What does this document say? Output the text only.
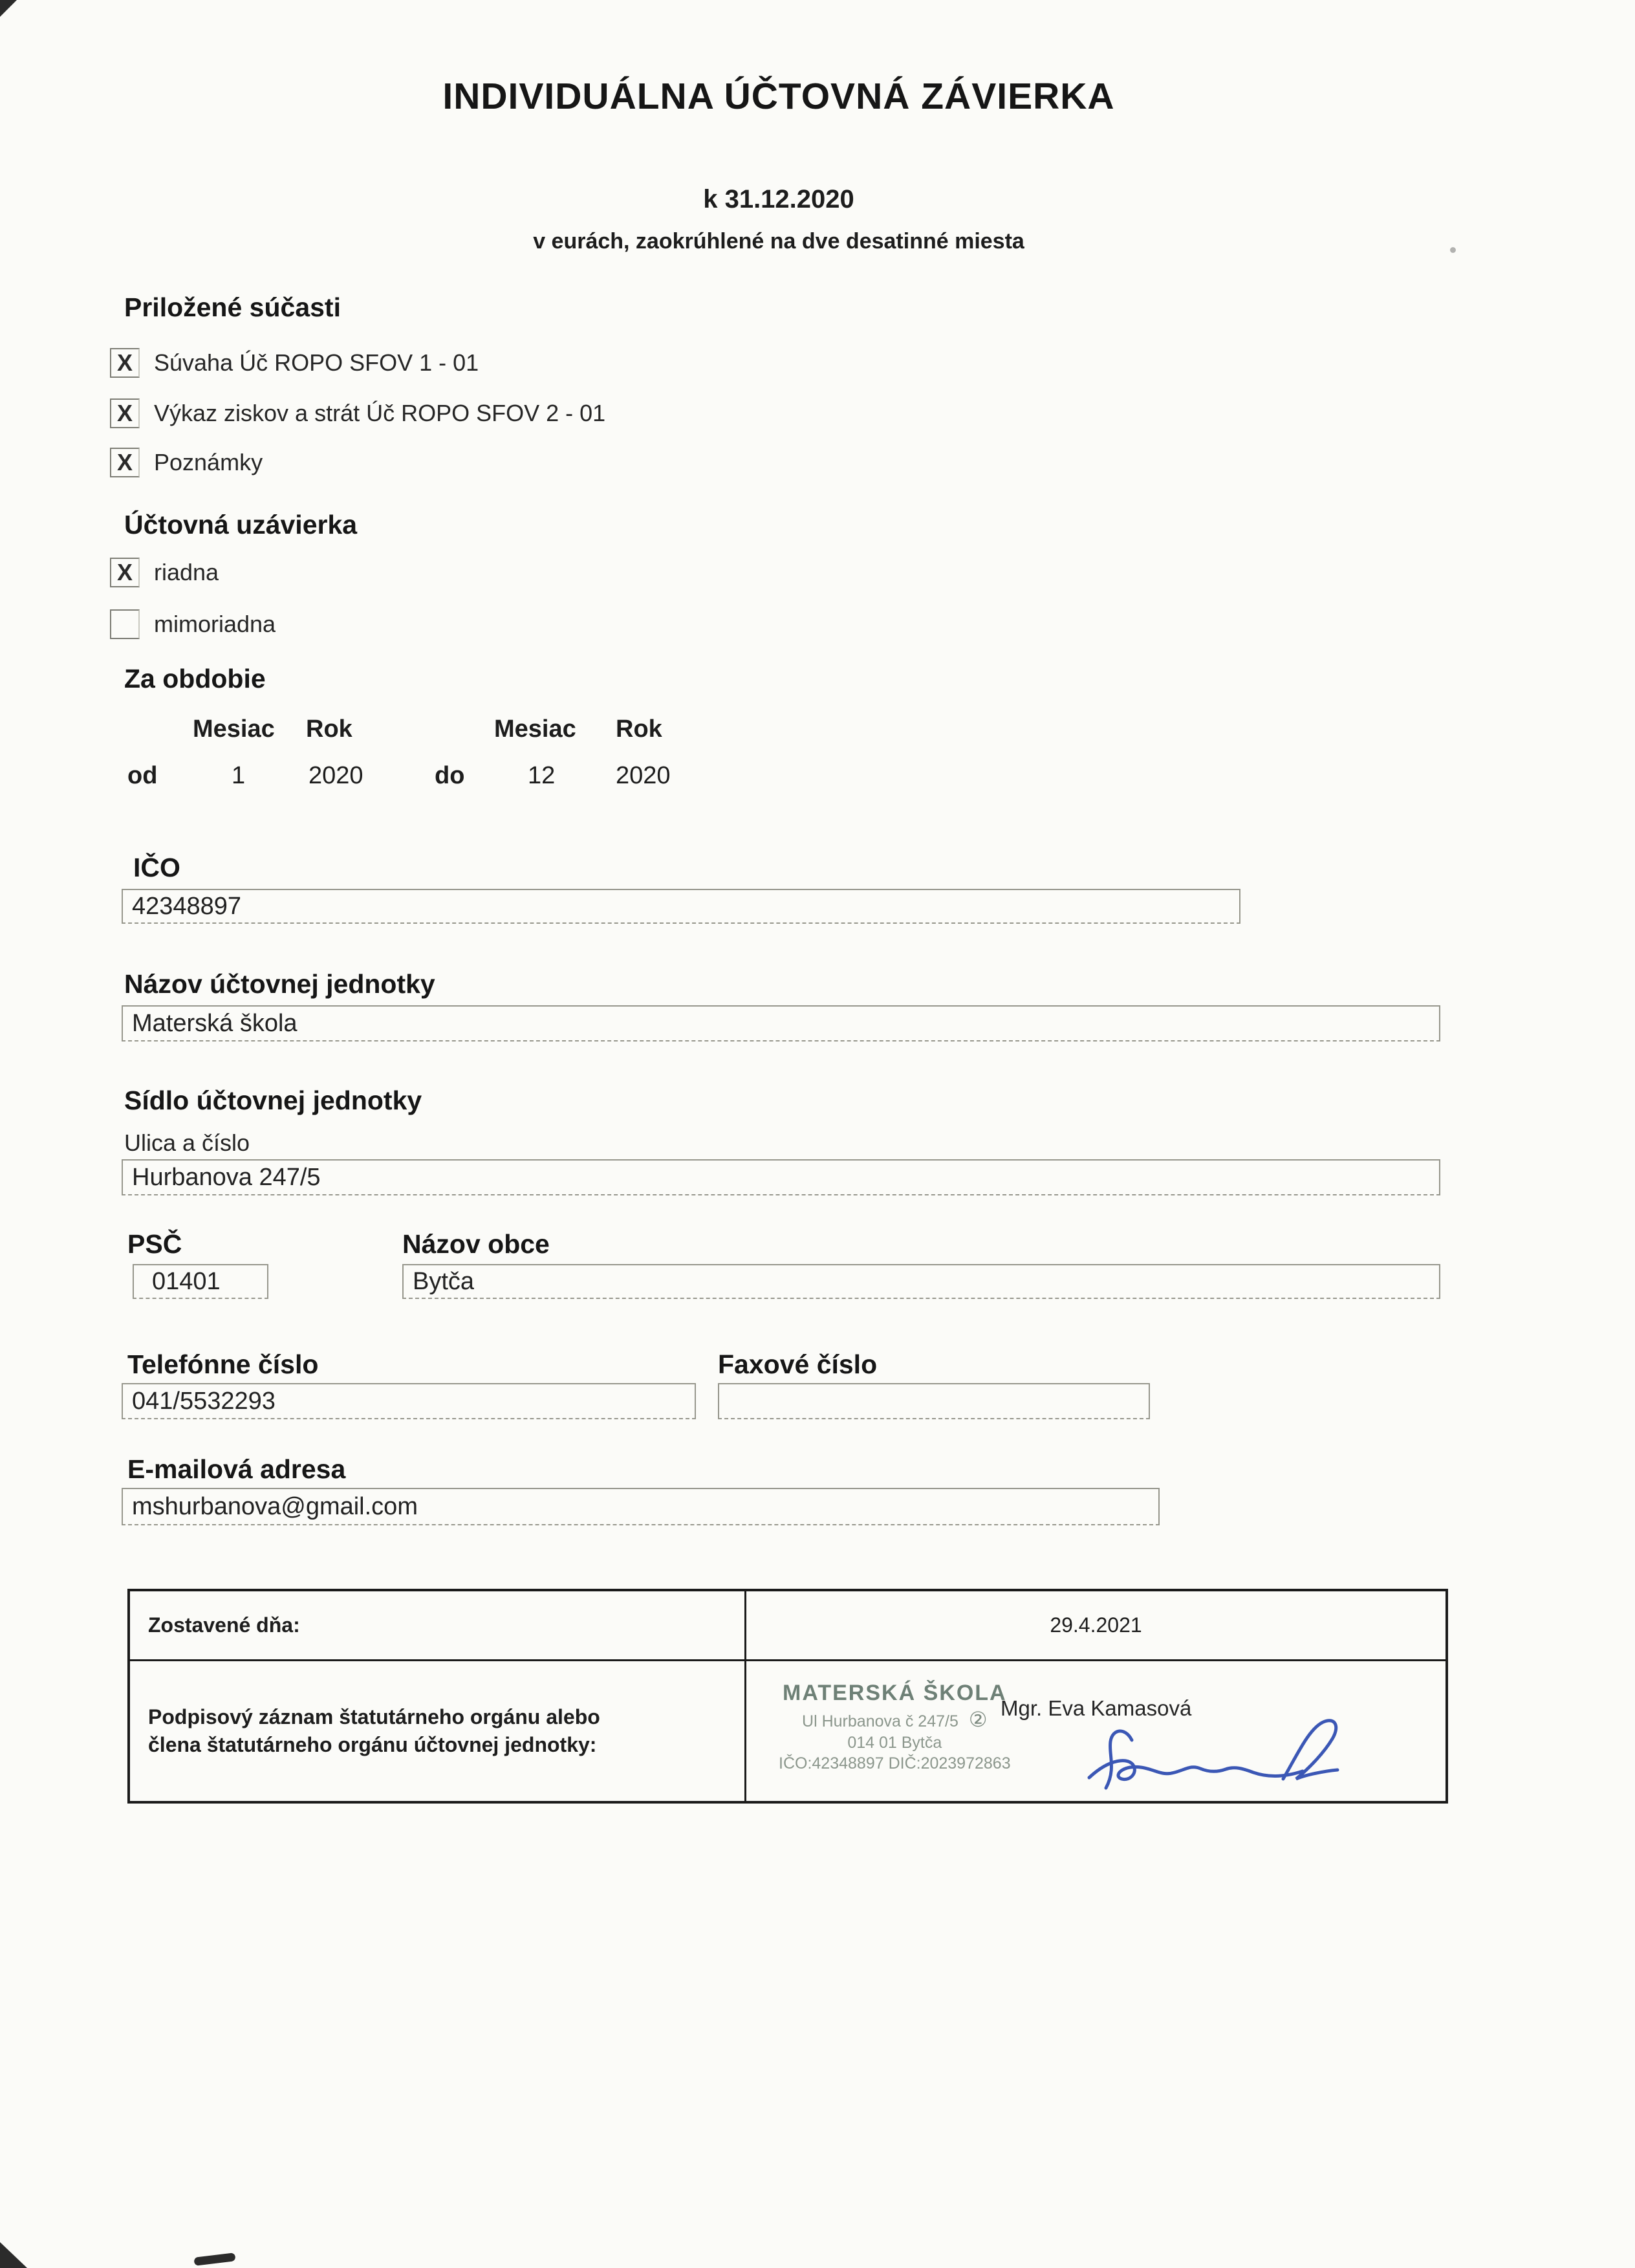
INDIVIDUÁLNA ÚČTOVNÁ ZÁVIERKA
k 31.12.2020
v eurách, zaokrúhlené na dve desatinné miesta
Priložené súčasti
X Súvaha Úč ROPO SFOV 1 - 01
X Výkaz ziskov a strát Úč ROPO SFOV 2 - 01
X Poznámky
Účtovná uzávierka
X riadna
mimoriadna
Za obdobie
Mesiac Rok	Mesiac Rok
od	1	2020	do	12 2020
IČO
42348897
Názov účtovnej jednotky
Materská škola
Sídlo účtovnej jednotky
Ulica a číslo
Hurbanova 247/5
PSČ	Názov obce
01401	Bytča
Telefónne číslo	Faxové číslo
041/5532293
E-mailová adresa
mshurbanova@gmail.com
Zostavené dňa:	29.4.2021
Podpisový záznam štatutárneho orgánu alebo člena štatutárneho orgánu účtovnej jednotky:
MATERSKÁ ŠKOLA
Ul Hurbanova č 247/5 ②
014 01 Bytča
IČO:42348897 DIČ:2023972863
Mgr. Eva Kamasová
